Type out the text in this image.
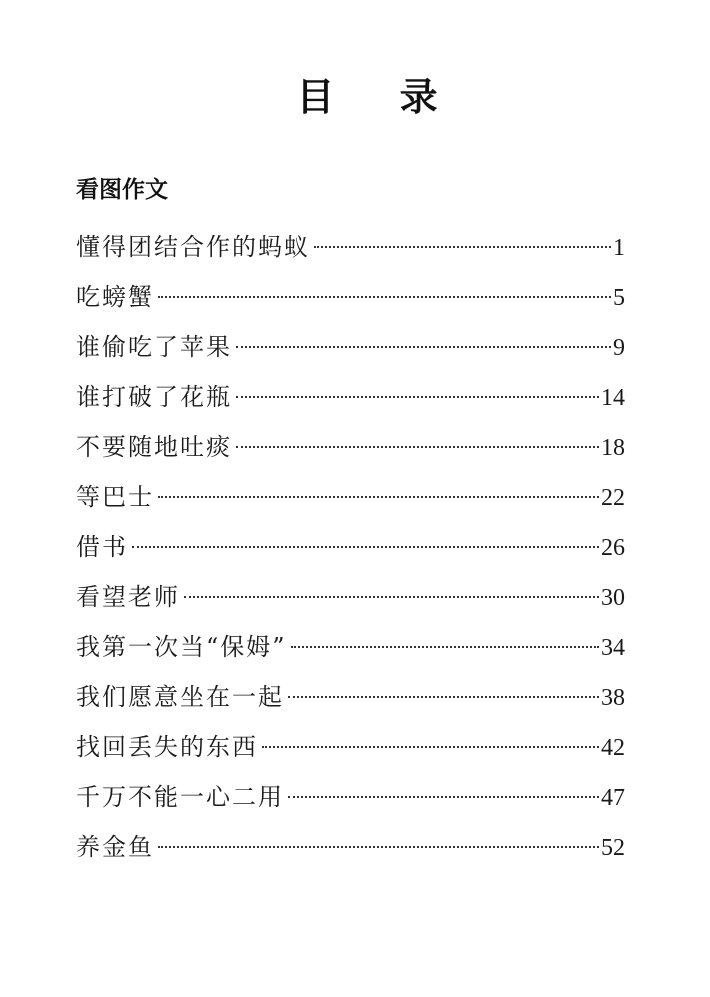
目 录
看图作文
懂得团结合作的蚂蚁	1
吃螃蟹	5
谁偷吃了苹果	9
谁打破了花瓶	14
不要随地吐痰	18
等巴士	22
借书	26
看望老师	30
我第一次当“保姆”	34
我们愿意坐在一起	38
找回丢失的东西	42
千万不能一心二用	47
养金鱼	52
